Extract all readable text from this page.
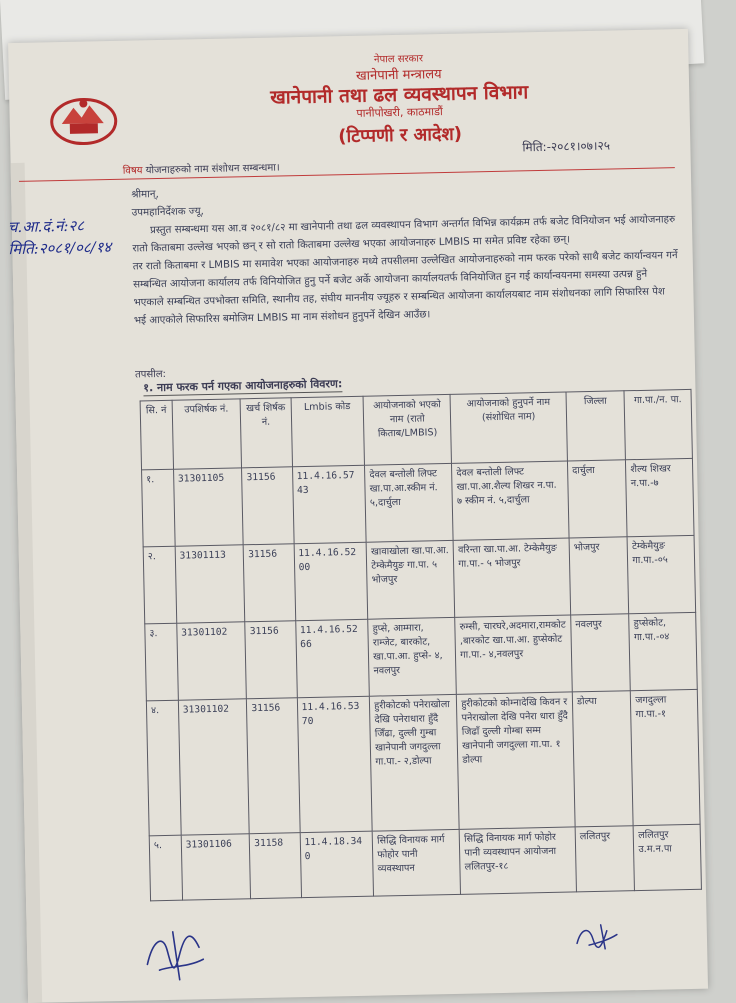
नेपाल सरकार
खानेपानी मन्त्रालय
खानेपानी तथा ढल व्यवस्थापन विभाग
पानीपोखरी, काठमाडौं
(टिप्पणी र आदेश)	मिति:-२०८१।०७।२५
विषय योजनाहरुको नाम संशोधन सम्बन्धमा।
च.आ.दं.नं:२८
मिति:२०८१/०८/१४

श्रीमान्,

उपमहानिर्देशक ज्यू,

प्रस्तुत सम्बन्धमा यस आ.व २०८१/८२ मा खानेपानी तथा ढल व्यवस्थापन विभाग अन्तर्गत विभिन्न कार्यक्रम तर्फ बजेट विनियोजन भई आयोजनाहरु रातो किताबमा उल्लेख भएको छन् र सो रातो किताबमा उल्लेख भएका आयोजनाहरु LMBIS मा समेत प्रविष्ट रहेका छन्।

तर रातो किताबमा र LMBIS मा समावेश भएका आयोजनाहरु मध्ये तपसीलमा उल्लेखित आयोजनाहरुको नाम फरक परेको साथै बजेट कार्यान्वयन गर्ने सम्बन्धित आयोजना कार्यालय तर्फ विनियोजित हुनु पर्ने बजेट अर्के आयोजना कार्यालयतर्फ विनियोजित हुन गई कार्यान्वयनमा समस्या उत्पन्न हुने भएकाले सम्बन्धित उपभोक्ता समिति, स्थानीय तह, संघीय माननीय ज्यूहरु र सम्बन्धित आयोजना कार्यालयबाट नाम संशोधनका लागि सिफारिस पेश भई आएकोले सिफारिस बमोजिम LMBIS मा नाम संशोधन हुनुपर्ने देखिन आउँछ।

तपसील:
१. नाम फरक पर्न गएका आयोजनाहरुको विवरण:
सि. नं	उपशिर्षक नं.	खर्च शिर्षक नं.	Lmbis कोड	आयोजनाको भएको नाम (रातो किताब/LMBIS)	आयोजनाको हुनुपर्ने नाम (संशोधित नाम)	जिल्ला	गा.पा./न. पा.
१.	31301105	31156	11.4.16.57 43	देवल बन्तोली लिफ्ट खा.पा.आ.स्कीम नं. ५,दार्चुला	देवल बन्तोली लिफ्ट खा.पा.आ.शैल्य शिखर न.पा. ७ स्कीम नं. ५,दार्चुला	दार्चुला	शैल्य शिखर न.पा.-७
२.	31301113	31156	11.4.16.52 00	खावाखोला खा.पा.आ. टेम्केमैयुङ गा.पा. ५ भोजपुर	वरिन्ता खा.पा.आ. टेम्केमैयुङ गा.पा.- ५ भोजपुर	भोजपुर	टेम्केमैयुङ गा.पा.-०५
३.	31301102	31156	11.4.16.52 66	हुप्से, आम्मारा, राम्जेट, बारकोट, खा.पा.आ. हुप्से- ४, नवलपुर	रुम्सी, चारघरे,अदमारा,रामकोट ,बारकोट खा.पा.आ. हुप्सेकोट गा.पा.- ४,नवलपुर	नवलपुर	हुप्सेकोट, गा.पा.-०४
४.	31301102	31156	11.4.16.53 70	हुरीकोटको पनेराखोला देखि पनेराधारा हुँदै जिँढा, दुल्ली गुम्बा खानेपानी जगदुल्ला गा.पा.- २,डोल्पा	हुरीकोटको कोम्नादेखि किवन र पनेराखोला देखि पनेरा धारा हुँदै जिढाँ दुल्ली गोम्बा सम्म खानेपानी जगदुल्ला गा.पा. १ डोल्पा	डोल्पा	जगदुल्ला गा.पा.-१
५.	31301106	31158	11.4.18.34 0	सिद्धि विनायक मार्ग फोहोर पानी व्यवस्थापन	सिद्धि विनायक मार्ग फोहोर पानी व्यवस्थापन आयोजना ललितपुर-१८	ललितपुर	ललितपुर उ.म.न.पा
